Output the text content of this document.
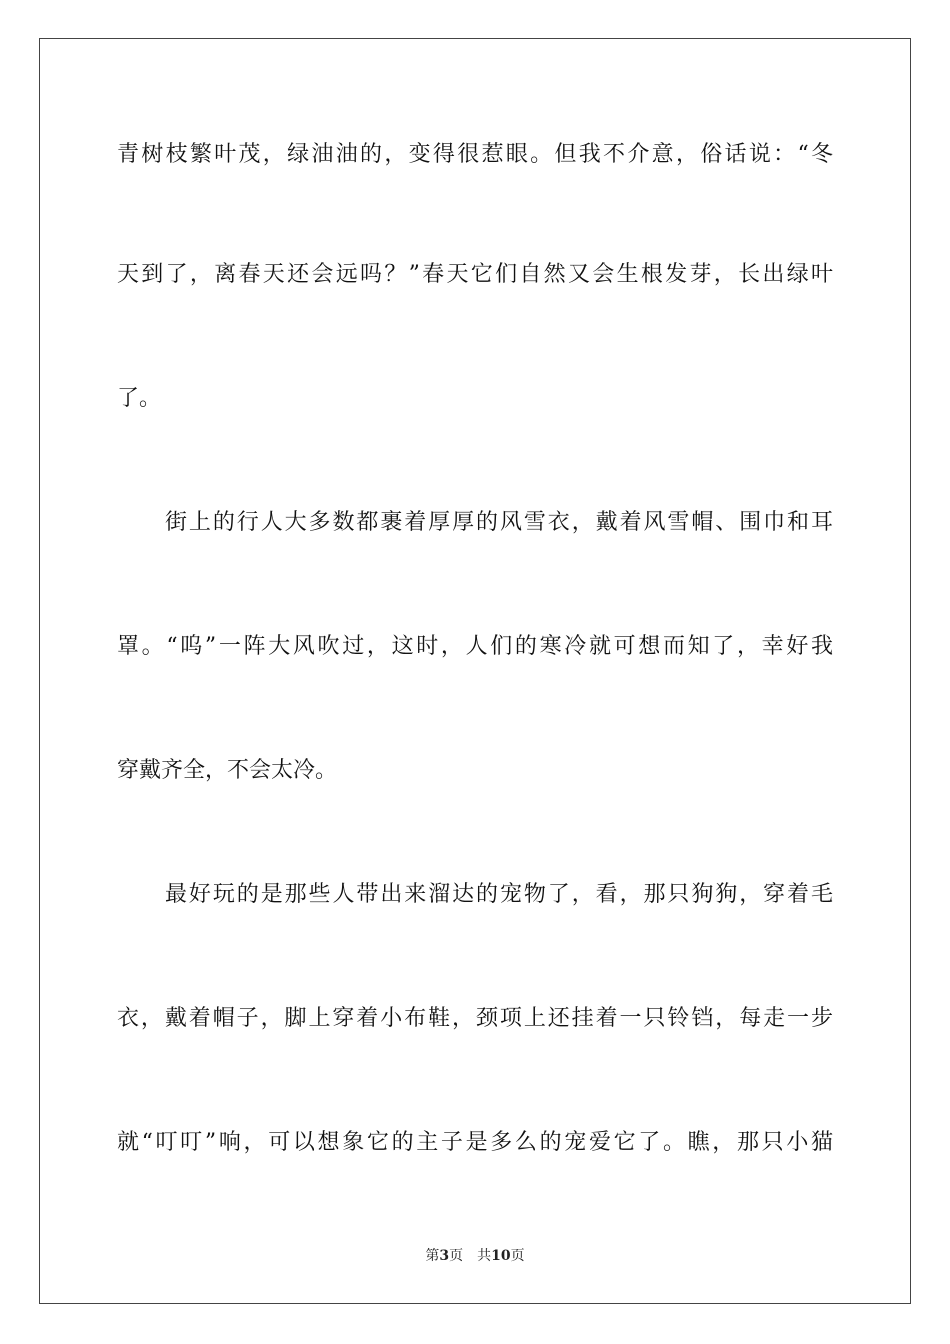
青树枝繁叶茂，绿油油的，变得很惹眼。但我不介意，俗话说：“冬
天到了，离春天还会远吗？”春天它们自然又会生根发芽，长出绿叶
了。
街上的行人大多数都裹着厚厚的风雪衣，戴着风雪帽、围巾和耳
罩。“呜”一阵大风吹过，这时，人们的寒冷就可想而知了，幸好我
穿戴齐全，不会太冷。
最好玩的是那些人带出来溜达的宠物了，看，那只狗狗，穿着毛
衣，戴着帽子，脚上穿着小布鞋，颈项上还挂着一只铃铛，每走一步
就“叮叮”响，可以想象它的主子是多么的宠爱它了。瞧，那只小猫
第3页 共10页
